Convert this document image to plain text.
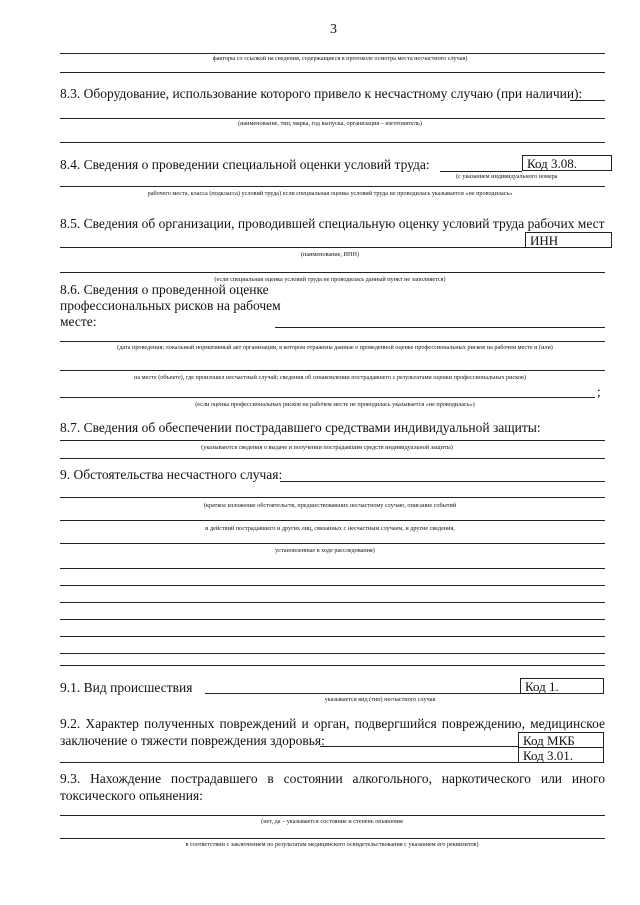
3
факторы со ссылкой на сведения, содержащиеся в протоколе осмотра места несчастного случая)
8.3. Оборудование, использование которого привело к несчастному случаю (при наличии):
(наименование, тип, марка, год выпуска, организация – изготовитель)
8.4. Сведения о проведении специальной оценки условий труда:	Код 3.08.
(с указанием индивидуального номера
рабочего места, класса (подкласса) условий труда) если специальная оценка условий труда не проводилась указывается «не проводилась»
8.5. Сведения об организации, проводившей специальную оценку условий труда рабочих мест
ИНН
(наименование, ИНН)
(если специальная оценка условий труда не проводилась данный пункт не заполняется)
8.6. Сведения о проведенной оценке
профессиональных рисков на рабочем
месте:
(дата проведения; локальный нормативный акт организации, в котором отражены данные о проведенной оценке профессиональных рисков на рабочем месте и (или)
на месте (объекте), где произошел несчастный случай; сведения об ознакомлении пострадавшего с результатами оценки профессиональных рисков)
;
(если оценка профессиональных рисков на рабочем месте не проводилась указывается «не проводилась»)
8.7. Сведения об обеспечении пострадавшего средствами индивидуальной защиты:
(указываются сведения о выдаче и получении пострадавшим средств индивидуальной защиты)
9. Обстоятельства несчастного случая:
(краткое изложение обстоятельств, предшествовавших несчастному случаю, описание событий
и действий пострадавшего и других лиц, связанных с несчастным случаем, и другие сведения,
установленные в ходе расследования)
9.1. Вид происшествия	Код 1.
указывается вид (тип) несчастного случая
9.2. Характер полученных повреждений и орган, подвергшийся повреждению, медицинское
заключение о тяжести повреждения здоровья:	Код МКБ
Код 3.01.
9.3. Нахождение пострадавшего в состоянии алкогольного, наркотического или иного
токсического опьянения:
(нет, да – указывается состояние и степень опьянения
в соответствии с заключением по результатам медицинского освидетельствования с указанием его реквизитов)
